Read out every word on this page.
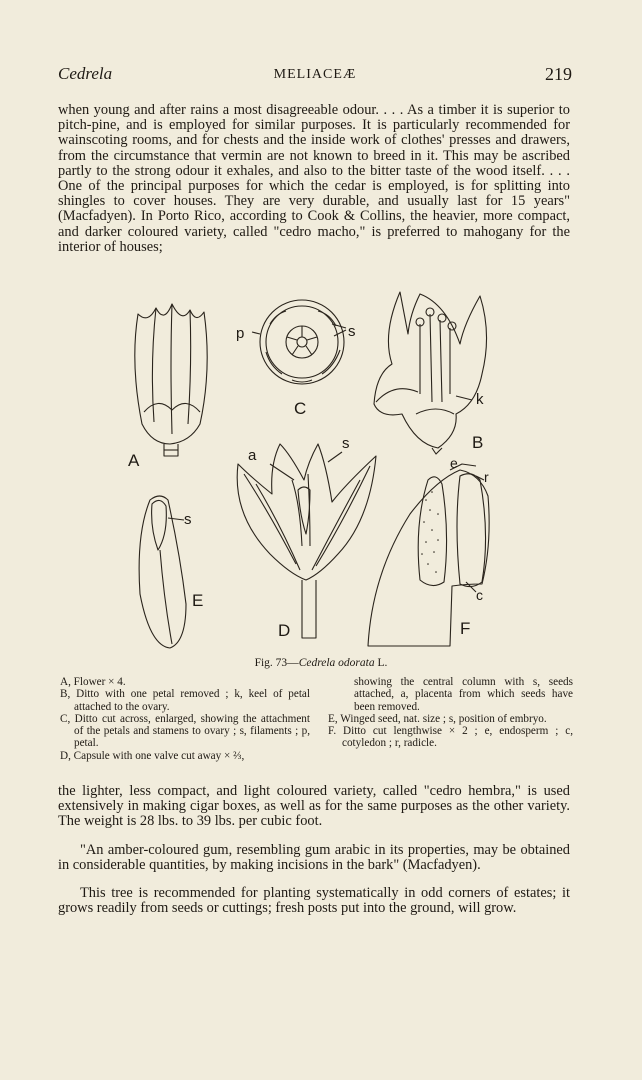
Cedrela	MELIACEÆ	219

when young and after rains a most disagreeable odour. . . . As a timber it is superior to pitch-pine, and is employed for similar purposes. It is particularly recommended for wainscoting rooms, and for chests and the inside work of clothes' presses and drawers, from the circumstance that vermin are not known to breed in it. This may be ascribed partly to the strong odour it exhales, and also to the bitter taste of the wood itself. . . . One of the principal purposes for which the cedar is employed, is for splitting into shingles to cover houses. They are very durable, and usually last for 15 years" (Macfadyen). In Porto Rico, according to Cook & Collins, the heavier, more compact, and darker coloured variety, called "cedro macho," is preferred to mahogany for the interior of houses;

A
C
B
D
E
F
p	s
k
a
s
s
e
r
c
Fig. 73—Cedrela odorata L.

A, Flower × 4.

B, Ditto with one petal removed ; k, keel of petal attached to the ovary.

C, Ditto cut across, enlarged, showing the attachment of the petals and stamens to ovary ; s, filaments ; p, petal.

D, Capsule with one valve cut away × ⅔,

showing the central column with s, seeds attached, a, placenta from which seeds have been removed.

E, Winged seed, nat. size ; s, position of embryo.

F. Ditto cut lengthwise × 2 ; e, endosperm ; c, cotyledon ; r, radicle.

the lighter, less compact, and light coloured variety, called "cedro hembra," is used extensively in making cigar boxes, as well as for the same purposes as the other variety. The weight is 28 lbs. to 39 lbs. per cubic foot.

"An amber-coloured gum, resembling gum arabic in its properties, may be obtained in considerable quantities, by making incisions in the bark" (Macfadyen).

This tree is recommended for planting systematically in odd corners of estates; it grows readily from seeds or cuttings; fresh posts put into the ground, will grow.
